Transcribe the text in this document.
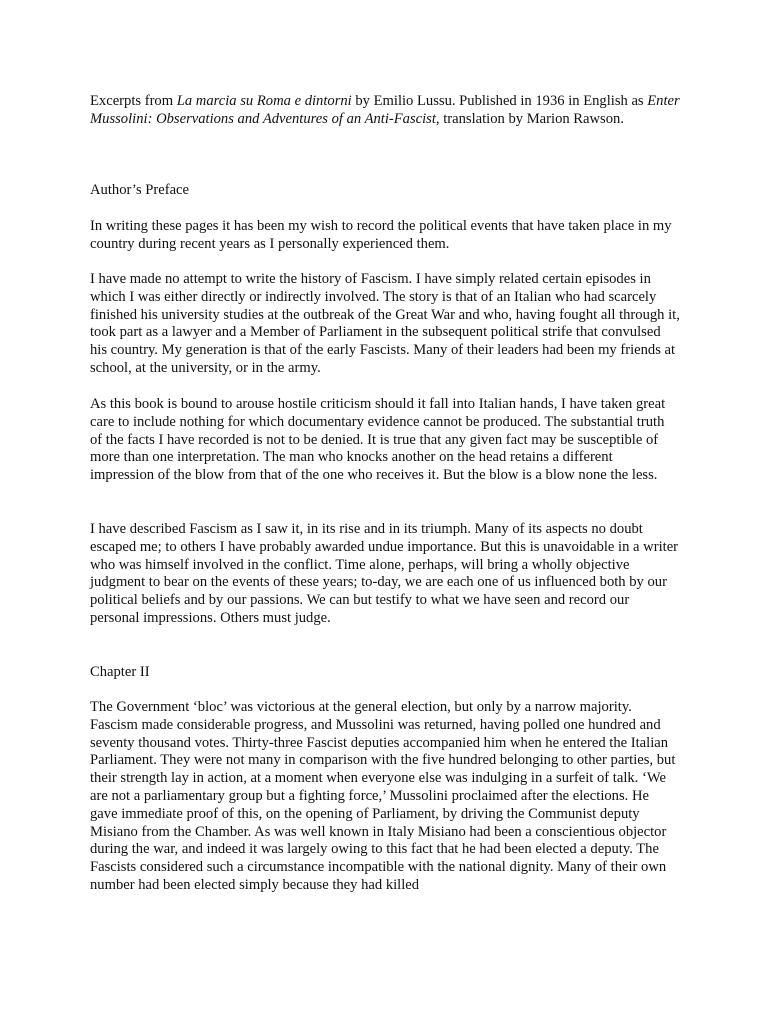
Excerpts from La marcia su Roma e dintorni by Emilio Lussu. Published in 1936 in English as Enter Mussolini: Observations and Adventures of an Anti-Fascist, translation by Marion Rawson.

Author’s Preface

In writing these pages it has been my wish to record the political events that have taken place in my country during recent years as I personally experienced them.

I have made no attempt to write the history of Fascism. I have simply related certain episodes in which I was either directly or indirectly involved. The story is that of an Italian who had scarcely finished his university studies at the outbreak of the Great War and who, having fought all through it, took part as a lawyer and a Member of Parliament in the subsequent political strife that convulsed his country. My generation is that of the early Fascists. Many of their leaders had been my friends at school, at the university, or in the army.

As this book is bound to arouse hostile criticism should it fall into Italian hands, I have taken great care to include nothing for which documentary evidence cannot be produced. The substantial truth of the facts I have recorded is not to be denied. It is true that any given fact may be susceptible of more than one interpretation. The man who knocks another on the head retains a different impression of the blow from that of the one who receives it. But the blow is a blow none the less.

I have described Fascism as I saw it, in its rise and in its triumph. Many of its aspects no doubt escaped me; to others I have probably awarded undue importance. But this is unavoidable in a writer who was himself involved in the conflict. Time alone, perhaps, will bring a wholly objective judgment to bear on the events of these years; to-day, we are each one of us influenced both by our political beliefs and by our passions. We can but testify to what we have seen and record our personal impressions. Others must judge.

Chapter II

The Government ‘bloc’ was victorious at the general election, but only by a narrow majority. Fascism made considerable progress, and Mussolini was returned, having polled one hundred and seventy thousand votes. Thirty-three Fascist deputies accompanied him when he entered the Italian Parliament. They were not many in comparison with the five hundred belonging to other parties, but their strength lay in action, at a moment when everyone else was indulging in a surfeit of talk. ‘We are not a parliamentary group but a fighting force,’ Mussolini proclaimed after the elections. He gave immediate proof of this, on the opening of Parliament, by driving the Communist deputy Misiano from the Chamber. As was well known in Italy Misiano had been a conscientious objector during the war, and indeed it was largely owing to this fact that he had been elected a deputy. The Fascists considered such a circumstance incompatible with the national dignity. Many of their own number had been elected simply because they had killed
